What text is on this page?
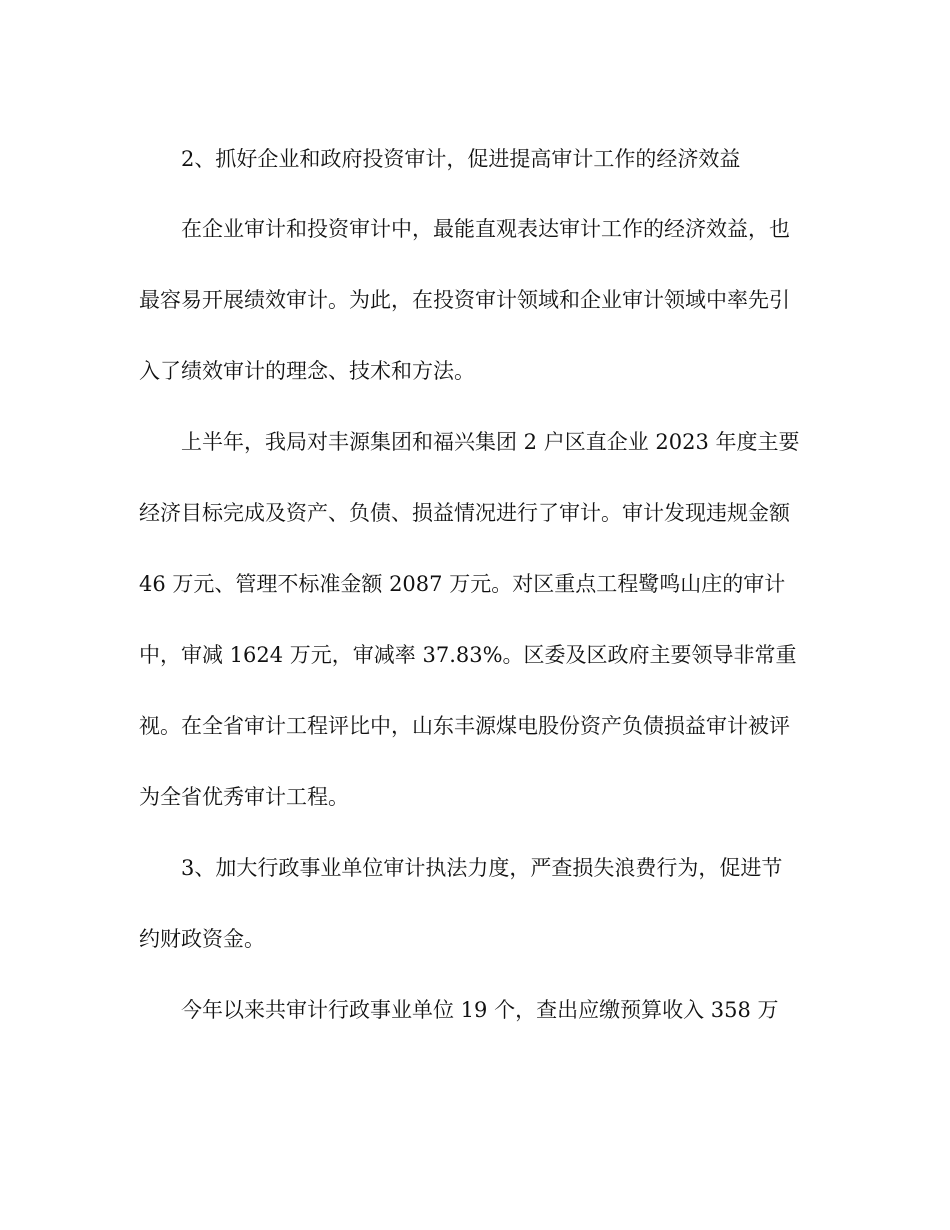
2、抓好企业和政府投资审计，促进提高审计工作的经济效益
在企业审计和投资审计中，最能直观表达审计工作的经济效益，也
最容易开展绩效审计。为此，在投资审计领域和企业审计领域中率先引
入了绩效审计的理念、技术和方法。
上半年，我局对丰源集团和福兴集团 2 户区直企业 2023 年度主要
经济目标完成及资产、负债、损益情况进行了审计。审计发现违规金额
46 万元、管理不标准金额 2087 万元。对区重点工程鹭鸣山庄的审计
中，审减 1624 万元，审减率 37.83%。区委及区政府主要领导非常重
视。在全省审计工程评比中，山东丰源煤电股份资产负债损益审计被评
为全省优秀审计工程。
3、加大行政事业单位审计执法力度，严查损失浪费行为，促进节
约财政资金。
今年以来共审计行政事业单位 19 个，查出应缴预算收入 358 万
